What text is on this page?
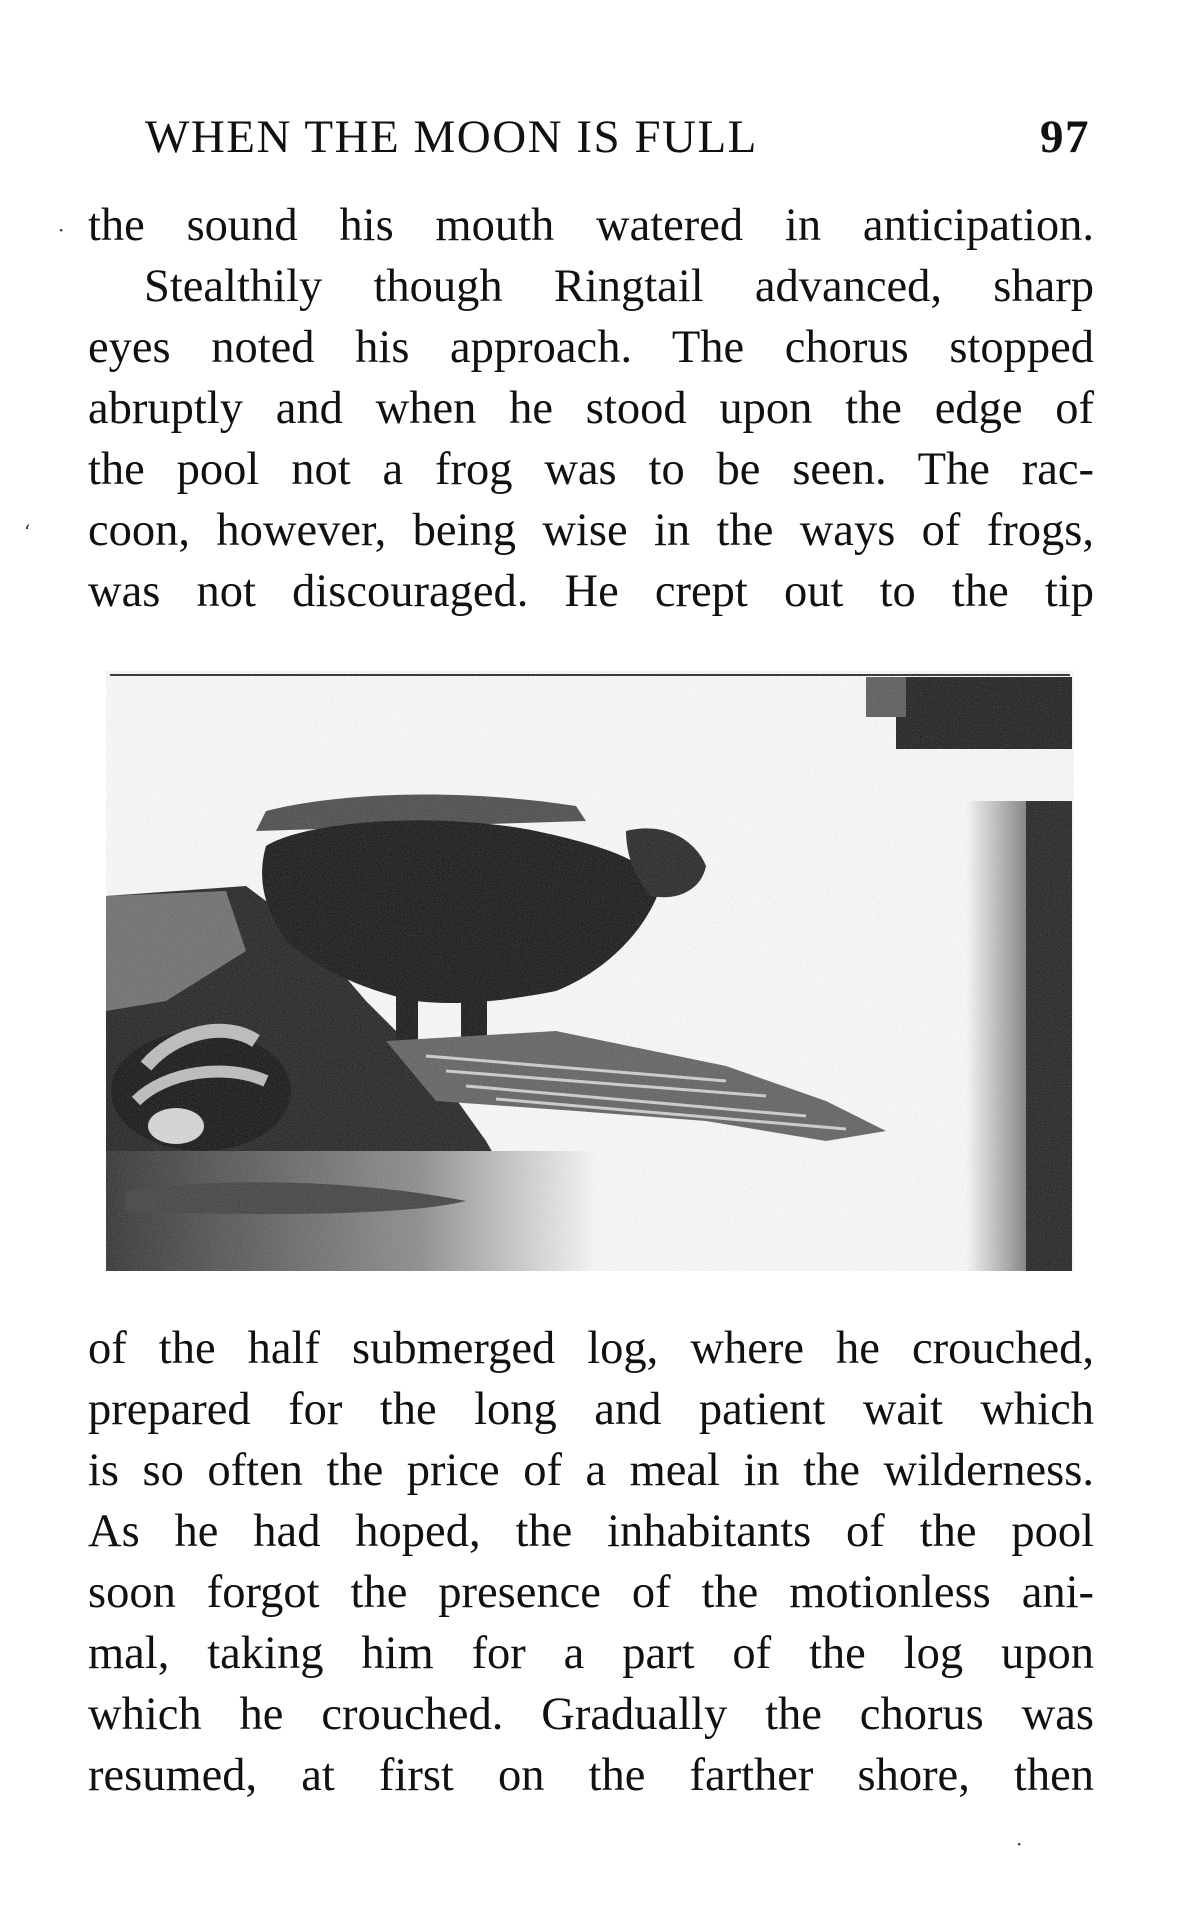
WHEN THE MOON IS FULL	97
the sound his mouth watered in anticipation.
Stealthily though Ringtail advanced, sharp
eyes noted his approach. The chorus stopped
abruptly and when he stood upon the edge of
the pool not a frog was to be seen. The rac-
coon, however, being wise in the ways of frogs,
was not discouraged. He crept out to the tip
of the half submerged log, where he crouched,
prepared for the long and patient wait which
is so often the price of a meal in the wilderness.
As he had hoped, the inhabitants of the pool
soon forgot the presence of the motionless ani-
mal, taking him for a part of the log upon
which he crouched. Gradually the chorus was
resumed, at first on the farther shore, then
·
‘
·
